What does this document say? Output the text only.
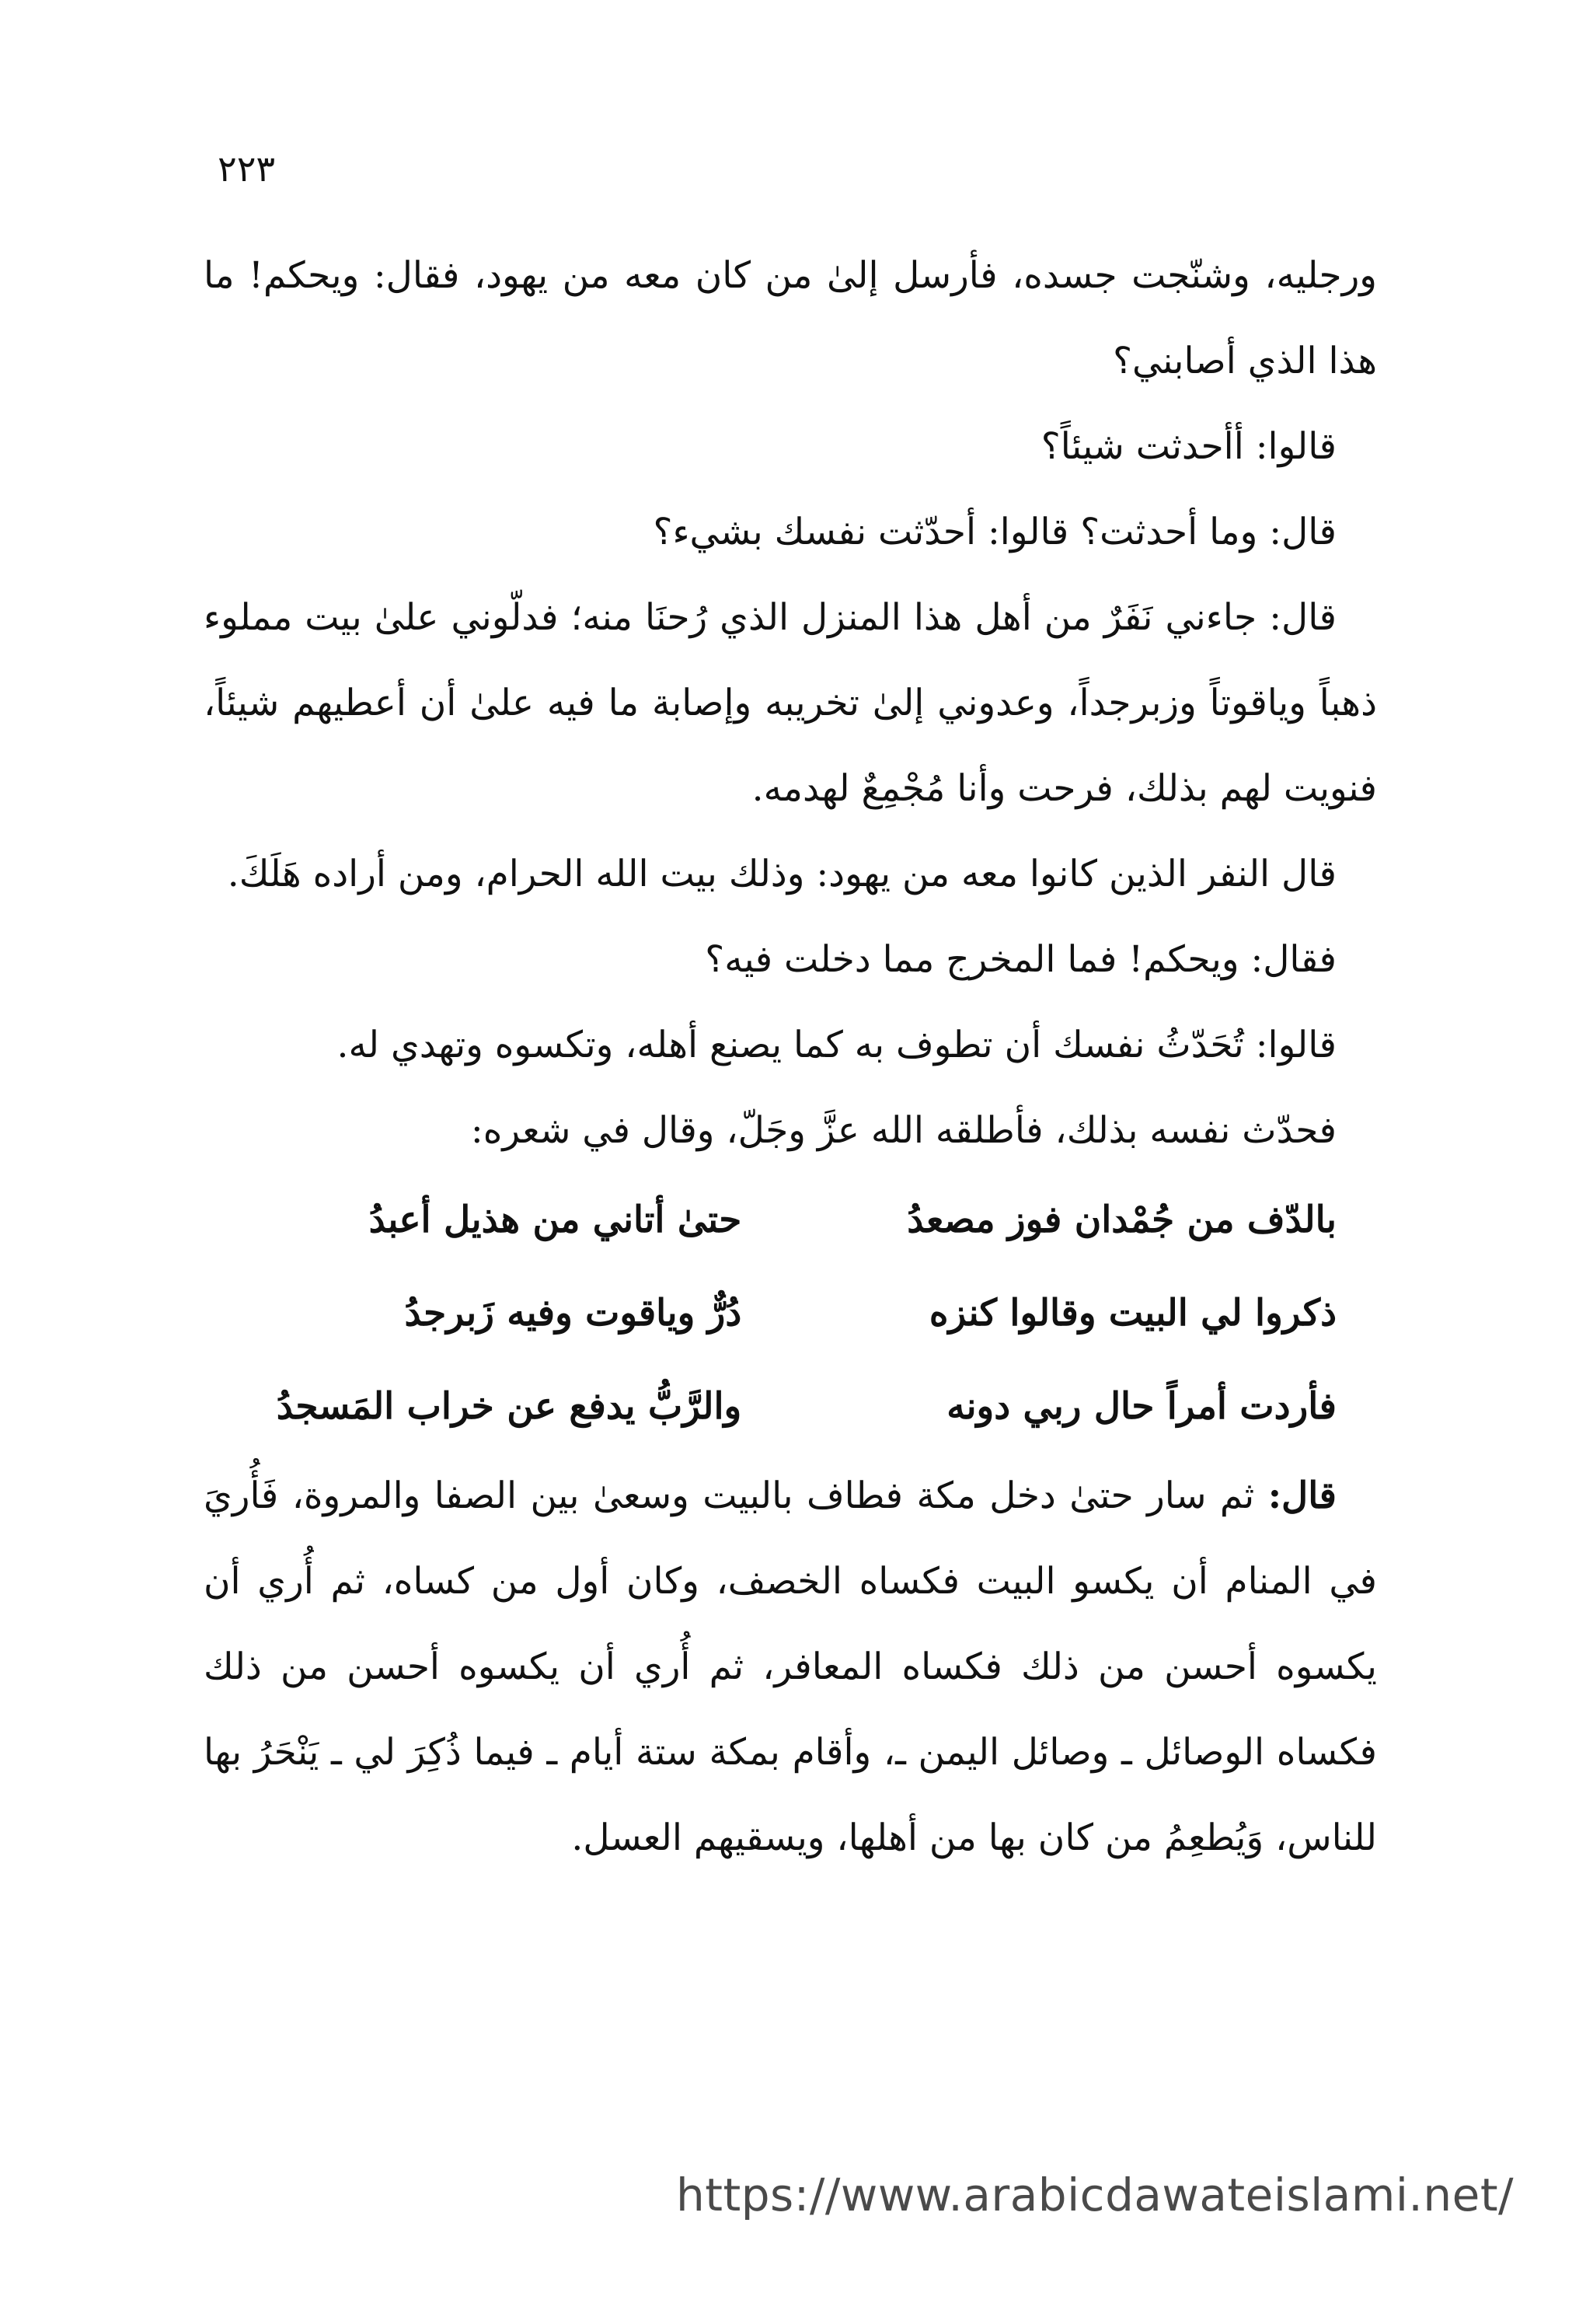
٢٢٣

ورجليه، وشنّجت جسده، فأرسل إلىٰ من كان معه من يهود، فقال: ويحكم! ما هذا الذي أصابني؟

قالوا: أأحدثت شيئاً؟

قال: وما أحدثت؟ قالوا: أحدّثت نفسك بشيء؟

قال: جاءني نَفَرٌ من أهل هذا المنزل الذي رُحنَا منه؛ فدلّوني علىٰ بيت مملوء ذهباً وياقوتاً وزبرجداً، وعدوني إلىٰ تخريبه وإصابة ما فيه علىٰ أن أعطيهم شيئاً، فنويت لهم بذلك، فرحت وأنا مُجْمِعٌ لهدمه.

قال النفر الذين كانوا معه من يهود: وذلك بيت الله الحرام، ومن أراده هَلَكَ.

فقال: ويحكم! فما المخرج مما دخلت فيه؟

قالوا: تُحَدّثُ نفسك أن تطوف به كما يصنع أهله، وتكسوه وتهدي له.

فحدّث نفسه بذلك، فأطلقه الله عزَّ وجَلّ، وقال في شعره:

بالدّف من جُمْدان فوز مصعدُ
حتىٰ أتاني من هذيل أعبدُ
ذكروا لي البيت وقالوا كنزه
دُرٌّ وياقوت وفيه زَبرجدُ
فأردت أمراً حال ربي دونه
والرَّبُّ يدفع عن خراب المَسجدُ

قال: ثم سار حتىٰ دخل مكة فطاف بالبيت وسعىٰ بين الصفا والمروة، فَأُريَ في المنام أن يكسو البيت فكساه الخصف، وكان أول من كساه، ثم أُري أن يكسوه أحسن من ذلك فكساه المعافر، ثم أُري أن يكسوه أحسن من ذلك فكساه الوصائل ـ وصائل اليمن ـ، وأقام بمكة ستة أيام ـ فيما ذُكِرَ لي ـ يَنْحَرُ بها للناس، وَيُطعِمُ من كان بها من أهلها، ويسقيهم العسل.

https://www.arabicdawateislami.net/
